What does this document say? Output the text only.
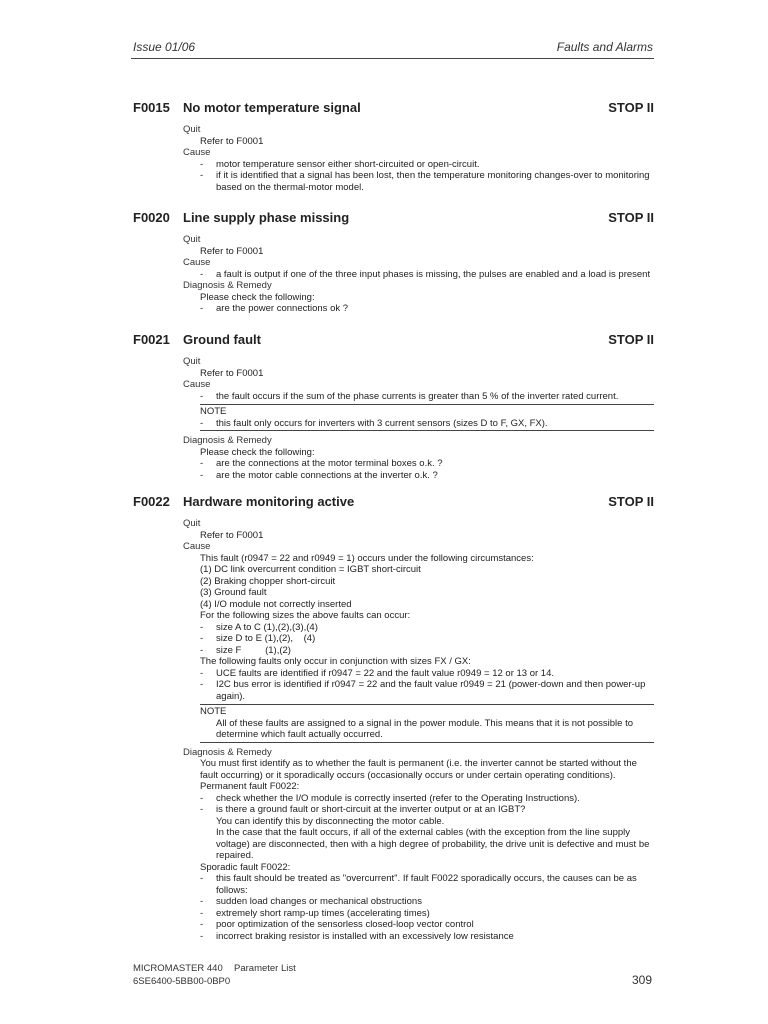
Issue 01/06	Faults and Alarms
F0015 No motor temperature signal	STOP II
Quit
Refer to F0001
Cause
- motor temperature sensor either short-circuited or open-circuit.
- if it is identified that a signal has been lost, then the temperature monitoring changes-over to monitoring based on the thermal-motor model.
F0020 Line supply phase missing	STOP II
Quit
Refer to F0001
Cause
- a fault is output if one of the three input phases is missing, the pulses are enabled and a load is present
Diagnosis & Remedy
Please check the following:
- are the power connections ok ?
F0021 Ground fault	STOP II
Quit
Refer to F0001
Cause
- the fault occurs if the sum of the phase currents is greater than 5 % of the inverter rated current.
NOTE
- this fault only occurs for inverters with 3 current sensors (sizes D to F, GX, FX).
Diagnosis & Remedy
Please check the following:
- are the connections at the motor terminal boxes o.k. ?
- are the motor cable connections at the inverter o.k. ?
F0022 Hardware monitoring active	STOP II
Quit
Refer to F0001
Cause
This fault (r0947 = 22 and r0949 = 1) occurs under the following circumstances:
(1) DC link overcurrent condition = IGBT short-circuit
(2) Braking chopper short-circuit
(3) Ground fault
(4) I/O module not correctly inserted
For the following sizes the above faults can occur:
- size A to C (1),(2),(3),(4)
- size D to E (1),(2),    (4)
- size F         (1),(2)
The following faults only occur in conjunction with sizes FX / GX:
- UCE faults are identified if r0947 = 22 and the fault value r0949 = 12 or 13 or 14.
- I2C bus error is identified if r0947 = 22 and the fault value r0949 = 21 (power-down and then power-up again).
NOTE
All of these faults are assigned to a signal in the power module. This means that it is not possible to determine which fault actually occurred.
Diagnosis & Remedy
You must first identify as to whether the fault is permanent (i.e. the inverter cannot be started without the fault occurring) or it sporadically occurs (occasionally occurs or under certain operating conditions).
Permanent fault F0022:
- check whether the I/O module is correctly inserted (refer to the Operating Instructions).
- is there a ground fault or short-circuit at the inverter output or at an IGBT?
You can identify this by disconnecting the motor cable.
In the case that the fault occurs, if all of the external cables (with the exception from the line supply voltage) are disconnected, then with a high degree of probability, the drive unit is defective and must be repaired.
Sporadic fault F0022:
- this fault should be treated as "overcurrent". If fault F0022 sporadically occurs, the causes can be as follows:
- sudden load changes or mechanical obstructions
- extremely short ramp-up times (accelerating times)
- poor optimization of the sensorless closed-loop vector control
- incorrect braking resistor is installed with an excessively low resistance
MICROMASTER 440 Parameter List
6SE6400-5BB00-0BP0	309
